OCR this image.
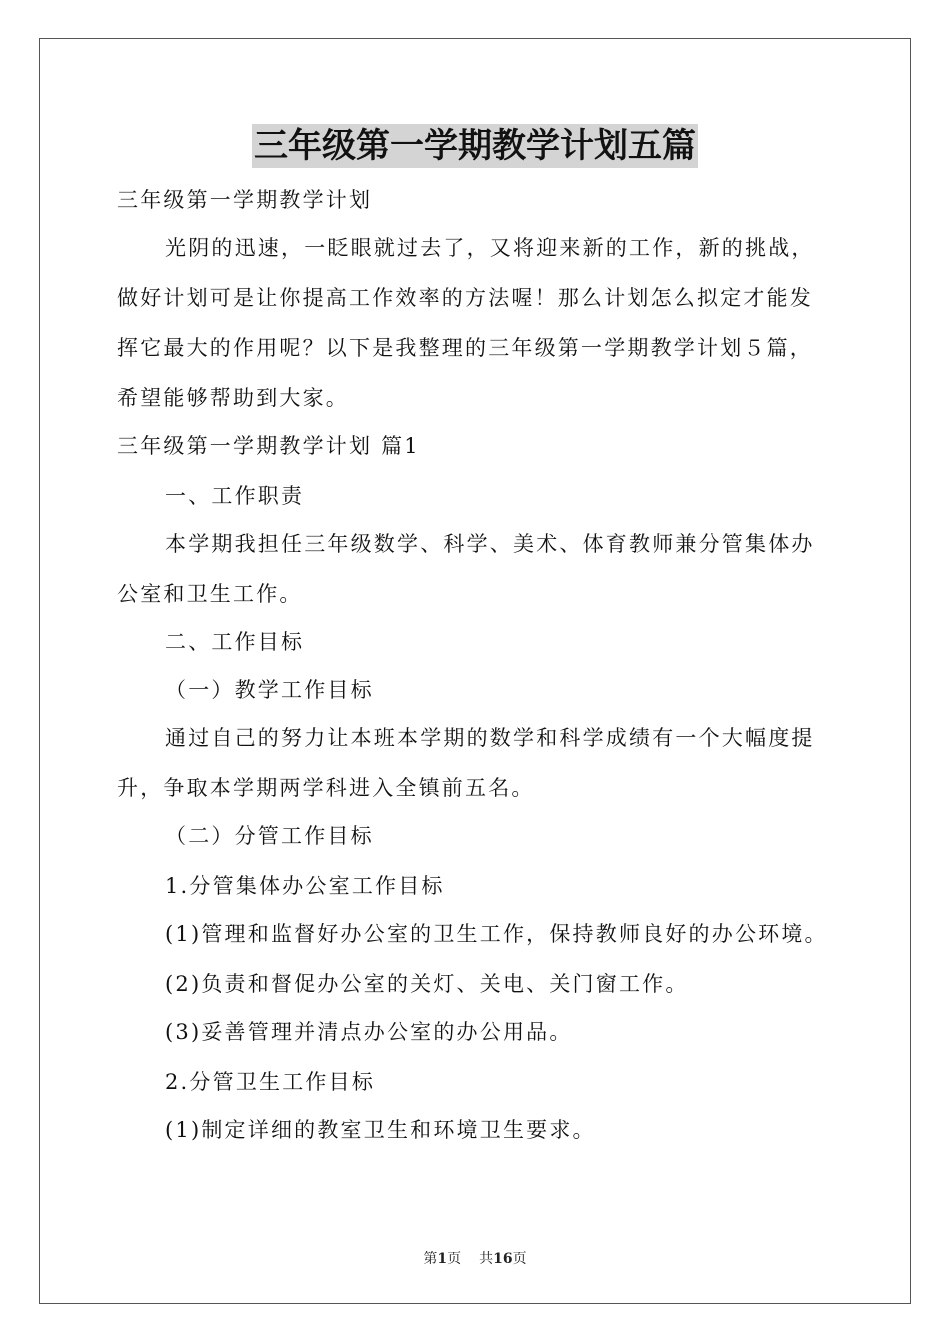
三年级第一学期教学计划五篇
三年级第一学期教学计划
光阴的迅速，一眨眼就过去了，又将迎来新的工作，新的挑战，
做好计划可是让你提高工作效率的方法喔！那么计划怎么拟定才能发
挥它最大的作用呢？以下是我整理的三年级第一学期教学计划５篇，
希望能够帮助到大家。
三年级第一学期教学计划 篇1
一、工作职责
本学期我担任三年级数学、科学、美术、体育教师兼分管集体办
公室和卫生工作。
二、工作目标
（一）教学工作目标
通过自己的努力让本班本学期的数学和科学成绩有一个大幅度提
升，争取本学期两学科进入全镇前五名。
（二）分管工作目标
1.分管集体办公室工作目标
(1)管理和监督好办公室的卫生工作，保持教师良好的办公环境。
(2)负责和督促办公室的关灯、关电、关门窗工作。
(3)妥善管理并清点办公室的办公用品。
2.分管卫生工作目标
(1)制定详细的教室卫生和环境卫生要求。
第1页 共16页
